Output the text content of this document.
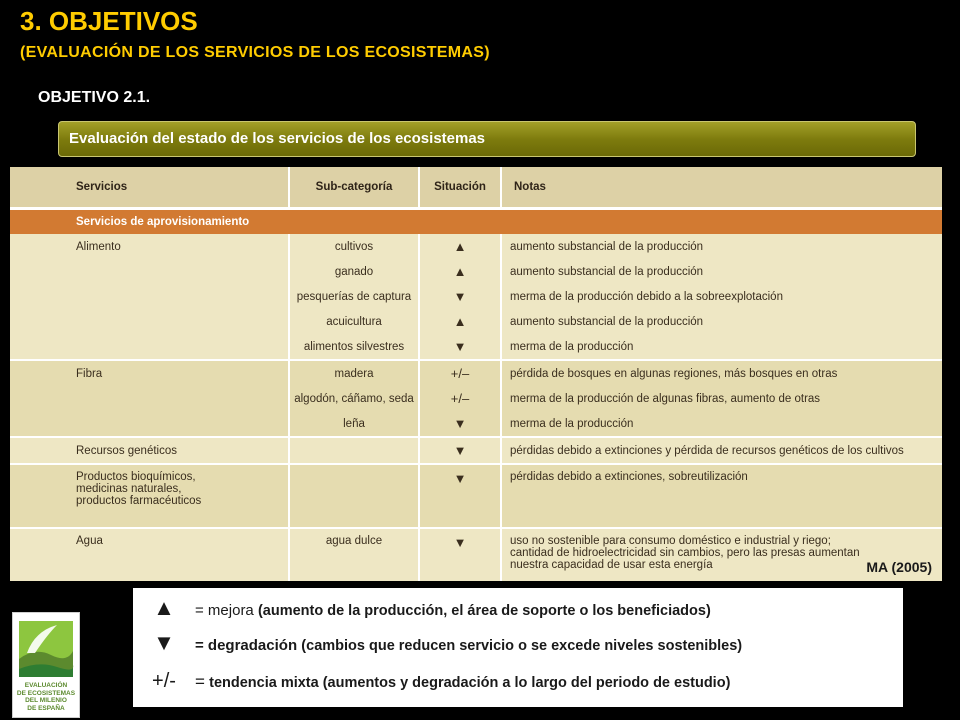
3. OBJETIVOS
(EVALUACIÓN DE LOS SERVICIOS DE LOS ECOSISTEMAS)
OBJETIVO 2.1.
Evaluación del estado de los servicios de los ecosistemas
	Servicios	Sub-categoría	Situación	Notas
	Servicios de aprovisionamiento			
	Alimento	cultivos	▲	aumento substancial de la producción
		ganado	▲	aumento substancial de la producción
		pesquerías de captura	▼	merma de la producción debido a la sobreexplotación
		acuicultura	▲	aumento substancial de la producción
		alimentos silvestres	▼	merma de la producción
	Fibra	madera	+/–	pérdida de bosques en algunas regiones, más bosques en otras
		algodón, cáñamo, seda	+/–	merma de la producción de algunas fibras, aumento de otras
		leña	▼	merma de la producción
	Recursos genéticos		▼	pérdidas debido a extinciones y pérdida de recursos genéticos de los cultivos
	Productos bioquímicos,
medicinas naturales,
productos farmacéuticos		▼	pérdidas debido a extinciones, sobreutilización
	Agua	agua dulce	▼	uso no sostenible para consumo doméstico e industrial y riego;
cantidad de hidroelectricidad sin cambios, pero las presas aumentan
nuestra capacidad de usar esta energía	MA (2005)
▲ = mejora (aumento de la producción, el área de soporte o los beneficiados)
▼ = degradación (cambios que reducen servicio o se excede niveles sostenibles)
+/- = tendencia mixta (aumentos y degradación a lo largo del periodo de estudio)
EVALUACIÓN
DE ECOSISTEMAS
DEL MILENIO
DE ESPAÑA
